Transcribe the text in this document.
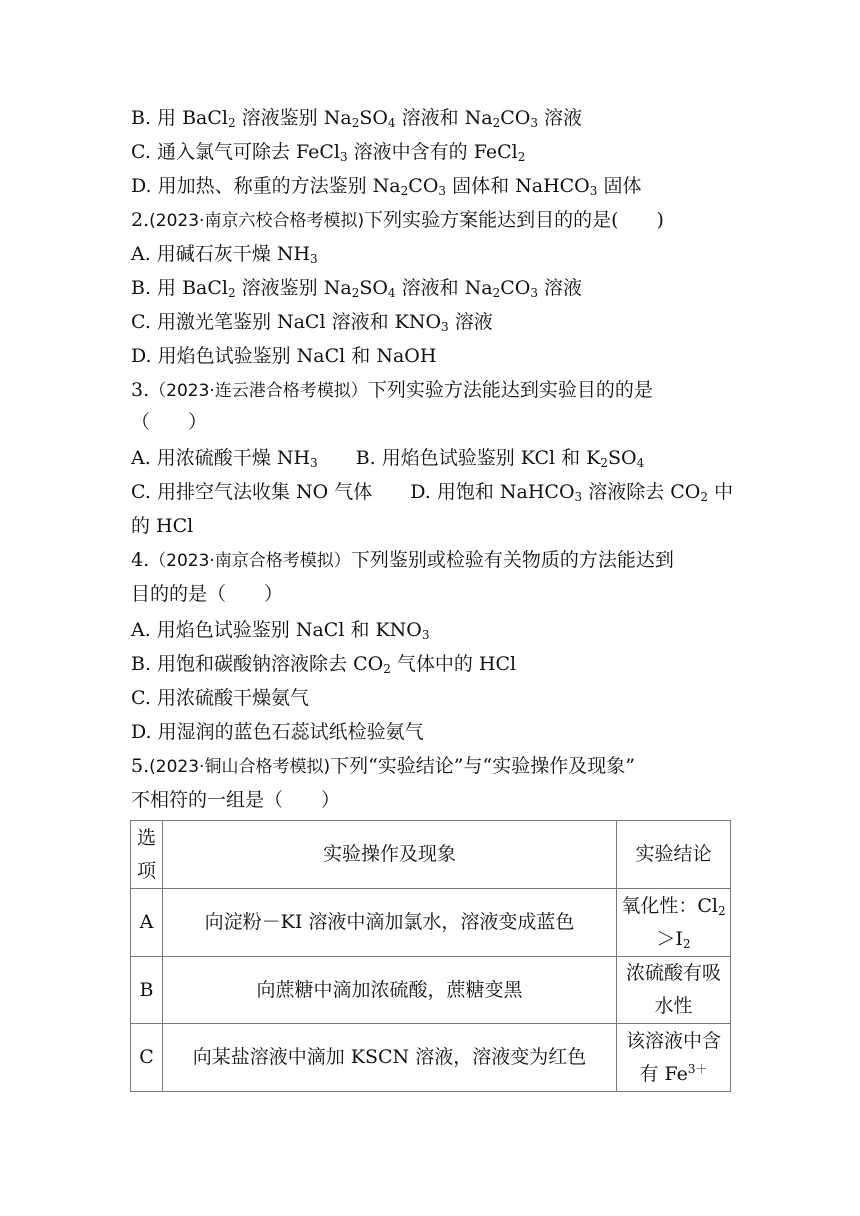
B. 用 BaCl$_2$ 溶液鉴别 $Na_2SO_4$ 溶液和 $Na_2CO_3$ 溶液
C. 通入氯气可除去 FeCl$_3$ 溶液中含有的 FeCl$_2$
D. 用加热、称重的方法鉴别 $Na_2CO_3$ 固体和 NaHCO$_3$ 固体
2.(2023·南京六校合格考模拟)下列实验方案能达到目的的是(　　)
A. 用碱石灰干燥 $NH_3$
B. 用 BaCl$_2$ 溶液鉴别 $Na_2SO_4$ 溶液和 $Na_2CO_3$ 溶液
C. 用激光笔鉴别 NaCl 溶液和 $KNO_3$ 溶液
D. 用焰色试验鉴别 NaCl 和 NaOH
3.（2023·连云港合格考模拟）下列实验方法能达到实验目的的是
（　　）
A. 用浓硫酸干燥 $NH_3$　　B. 用焰色试验鉴别 KCl 和 $K_2SO_4$
C. 用排空气法收集 NO 气体　　D. 用饱和 NaHCO$_3$ 溶液除去 $CO_2$ 中
的 HCl
4.（2023·南京合格考模拟）下列鉴别或检验有关物质的方法能达到
目的的是（　　）
A. 用焰色试验鉴别 NaCl 和 $KNO_3$
B. 用饱和碳酸钠溶液除去 $CO_2$ 气体中的 HCl
C. 用浓硫酸干燥氨气
D. 用湿润的蓝色石蕊试纸检验氨气
5.(2023·铜山合格考模拟)下列“实验结论”与“实验操作及现象”
不相符的一组是（　　）
选
项	实验操作及现象	实验结论
A	向淀粉－KI 溶液中滴加氯水，溶液变成蓝色	氧化性：$Cl_2$
$>I_2$
B	向蔗糖中滴加浓硫酸，蔗糖变黑	浓硫酸有吸
水性
C	向某盐溶液中滴加 KSCN 溶液，溶液变为红色	该溶液中含
有 $Fe^{3+}$
